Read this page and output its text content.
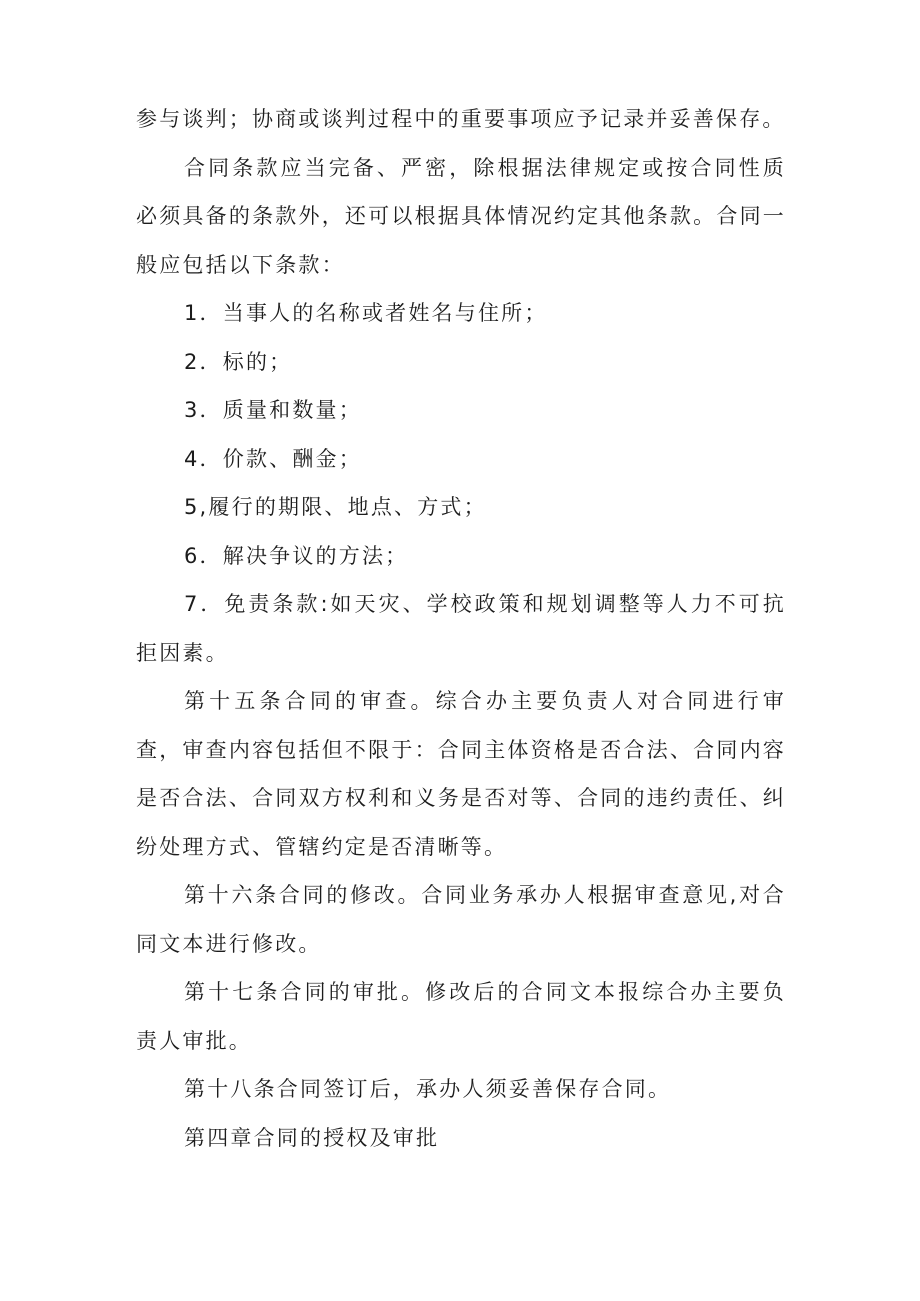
参与谈判；协商或谈判过程中的重要事项应予记录并妥善保存。

合同条款应当完备、严密，除根据法律规定或按合同性质必须具备的条款外，还可以根据具体情况约定其他条款。合同一般应包括以下条款：

1．当事人的名称或者姓名与住所；

2．标的；

3．质量和数量；

4．价款、酬金；

5,履行的期限、地点、方式；

6．解决争议的方法；

7．免责条款:如天灾、学校政策和规划调整等人力不可抗拒因素。

第十五条合同的审查。综合办主要负责人对合同进行审查，审查内容包括但不限于：合同主体资格是否合法、合同内容是否合法、合同双方权利和义务是否对等、合同的违约责任、纠纷处理方式、管辖约定是否清晰等。

第十六条合同的修改。合同业务承办人根据审查意见,对合同文本进行修改。

第十七条合同的审批。修改后的合同文本报综合办主要负责人审批。

第十八条合同签订后，承办人须妥善保存合同。

第四章合同的授权及审批
